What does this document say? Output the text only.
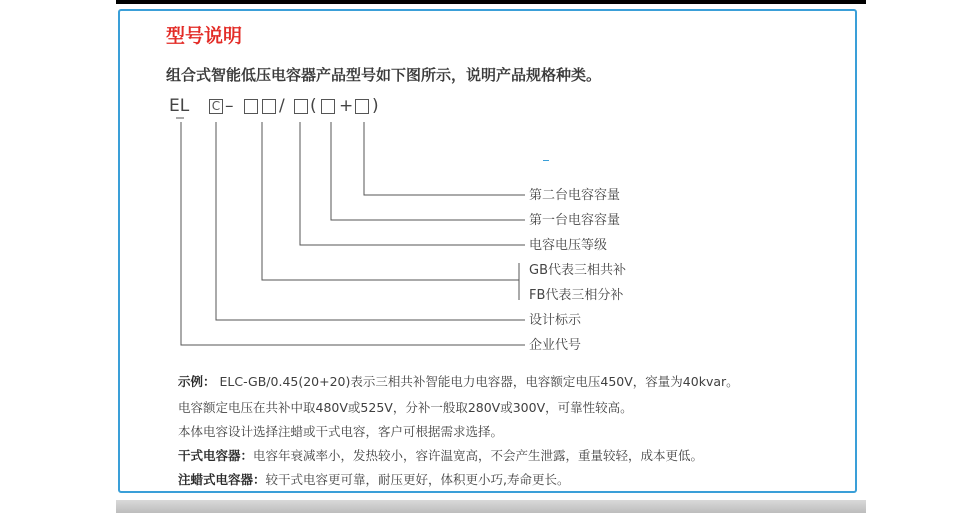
型号说明
组合式智能低压电容器产品型号如下图所示，说明产品规格种类。
EL C –	/ ( + )
第二台电容容量
第一台电容容量
电容电压等级
GB代表三相共补
FB代表三相分补
设计标示
企业代号
示例： ELC-GB/0.45(20+20)表示三相共补智能电力电容器，电容额定电压450V，容量为40kvar。
电容额定电压在共补中取480V或525V，分补一般取280V或300V，可靠性较高。
本体电容设计选择注蜡或干式电容，客户可根据需求选择。
干式电容器：电容年衰减率小，发热较小，容许温宽高，不会产生泄露，重量较轻，成本更低。
注蜡式电容器：较干式电容更可靠，耐压更好，体积更小巧,寿命更长。
